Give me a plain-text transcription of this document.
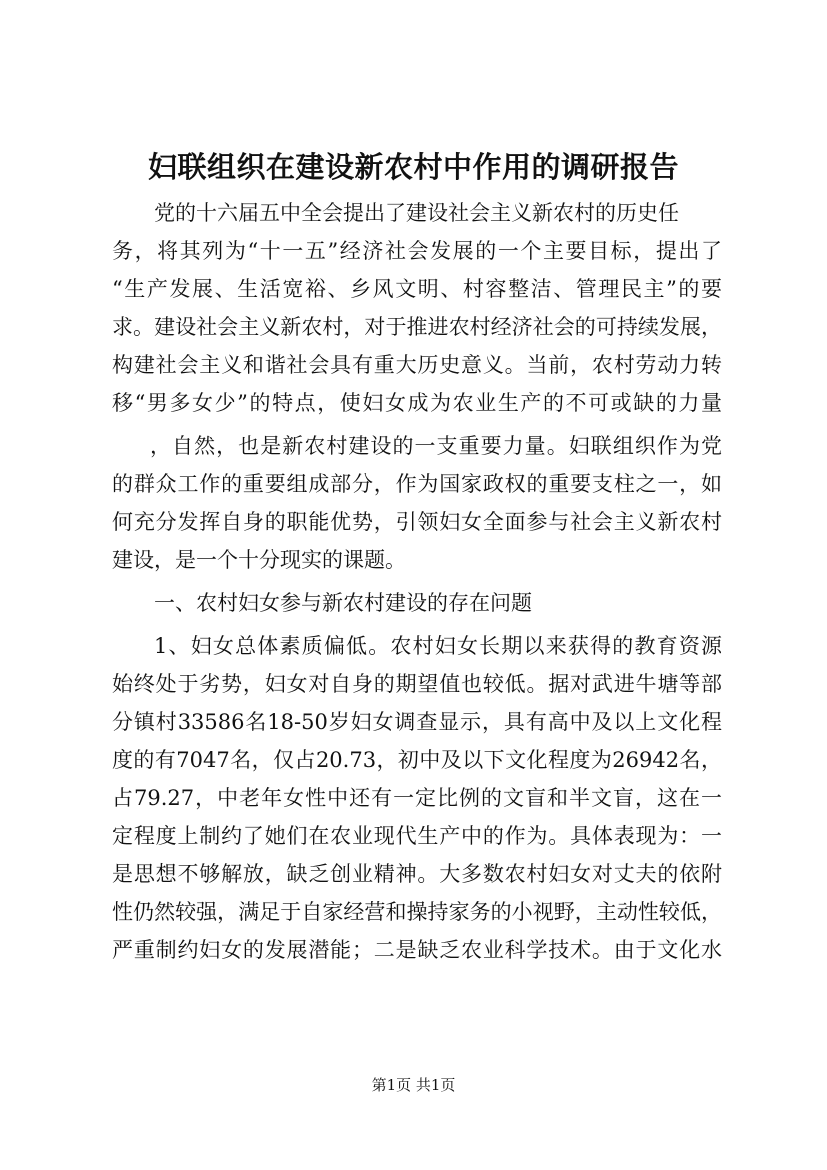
妇联组织在建设新农村中作用的调研报告
党的十六届五中全会提出了建设社会主义新农村的历史任
务，将其列为“十一五”经济社会发展的一个主要目标，提出了
“生产发展、生活宽裕、乡风文明、村容整洁、管理民主”的要
求。建设社会主义新农村，对于推进农村经济社会的可持续发展，
构建社会主义和谐社会具有重大历史意义。当前，农村劳动力转
移“男多女少”的特点，使妇女成为农业生产的不可或缺的力量
，自然，也是新农村建设的一支重要力量。妇联组织作为党
的群众工作的重要组成部分，作为国家政权的重要支柱之一，如
何充分发挥自身的职能优势，引领妇女全面参与社会主义新农村
建设，是一个十分现实的课题。
一、农村妇女参与新农村建设的存在问题
1、妇女总体素质偏低。农村妇女长期以来获得的教育资源
始终处于劣势，妇女对自身的期望值也较低。据对武进牛塘等部
分镇村33586名18-50岁妇女调查显示，具有高中及以上文化程
度的有7047名，仅占20.73，初中及以下文化程度为26942名，
占79.27，中老年女性中还有一定比例的文盲和半文盲，这在一
定程度上制约了她们在农业现代生产中的作为。具体表现为：一
是思想不够解放，缺乏创业精神。大多数农村妇女对丈夫的依附
性仍然较强，满足于自家经营和操持家务的小视野，主动性较低，
严重制约妇女的发展潜能；二是缺乏农业科学技术。由于文化水
第1页 共1页
